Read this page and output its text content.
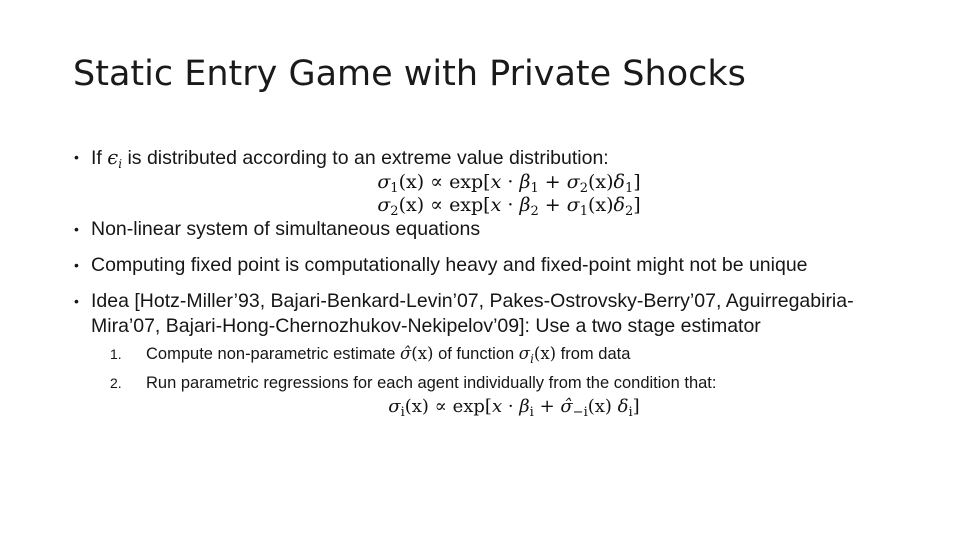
Static Entry Game with Private Shocks
• If $\epsilon_i$ is distributed according to an extreme value distribution:
$\sigma_1(x) \propto \exp[x \cdot \beta_1 + \sigma_2(x)\delta_1]$
$\sigma_2(x) \propto \exp[x \cdot \beta_2 + \sigma_1(x)\delta_2]$
• Non-linear system of simultaneous equations
• Computing fixed point is computationally heavy and fixed-point might not be unique
• Idea [Hotz-Miller’93, Bajari-Benkard-Levin’07, Pakes-Ostrovsky-Berry’07, Aguirregabiria-Mira’07, Bajari-Hong-Chernozhukov-Nekipelov’09]: Use a two stage estimator
1. Compute non-parametric estimate σ̂(x) of function $\sigma_i(x)$ from data
2. Run parametric regressions for each agent individually from the condition that:
$\sigma_i(x) \propto \exp[x \cdot \beta_i$ + $\sigmâ_{-i}(x)$ $\delta_i$]
